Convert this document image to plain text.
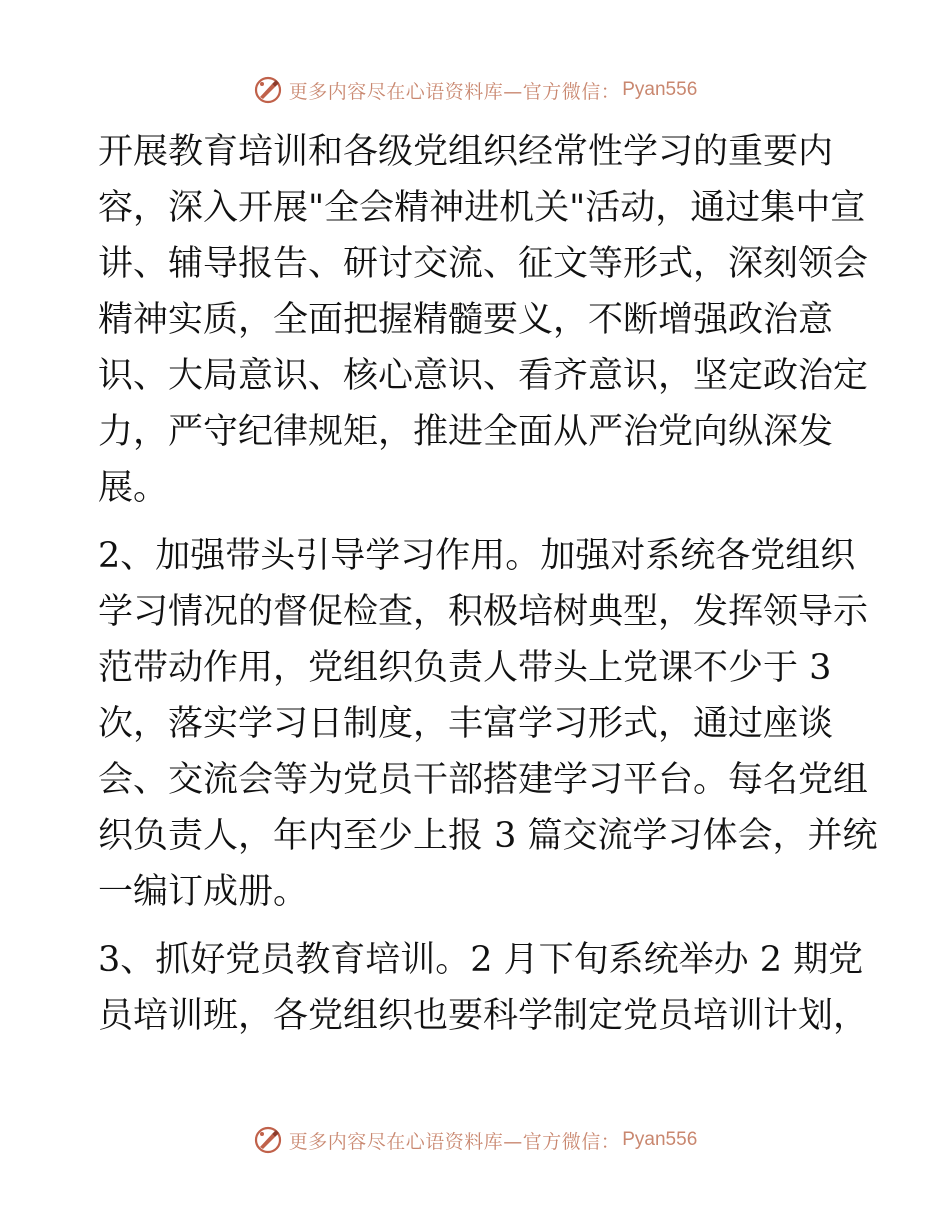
更多内容尽在心语资料库—官方微信： Pyan556
开展教育培训和各级党组织经常性学习的重要内
容，深入开展"全会精神进机关"活动，通过集中宣
讲、辅导报告、研讨交流、征文等形式，深刻领会
精神实质，全面把握精髓要义，不断增强政治意
识、大局意识、核心意识、看齐意识，坚定政治定
力，严守纪律规矩，推进全面从严治党向纵深发
展。
2、加强带头引导学习作用。加强对系统各党组织
学习情况的督促检查，积极培树典型，发挥领导示
范带动作用，党组织负责人带头上党课不少于 3
次，落实学习日制度，丰富学习形式，通过座谈
会、交流会等为党员干部搭建学习平台。每名党组
织负责人，年内至少上报 3 篇交流学习体会，并统
一编订成册。
3、抓好党员教育培训。2 月下旬系统举办 2 期党
员培训班，各党组织也要科学制定党员培训计划，
更多内容尽在心语资料库—官方微信： Pyan556
